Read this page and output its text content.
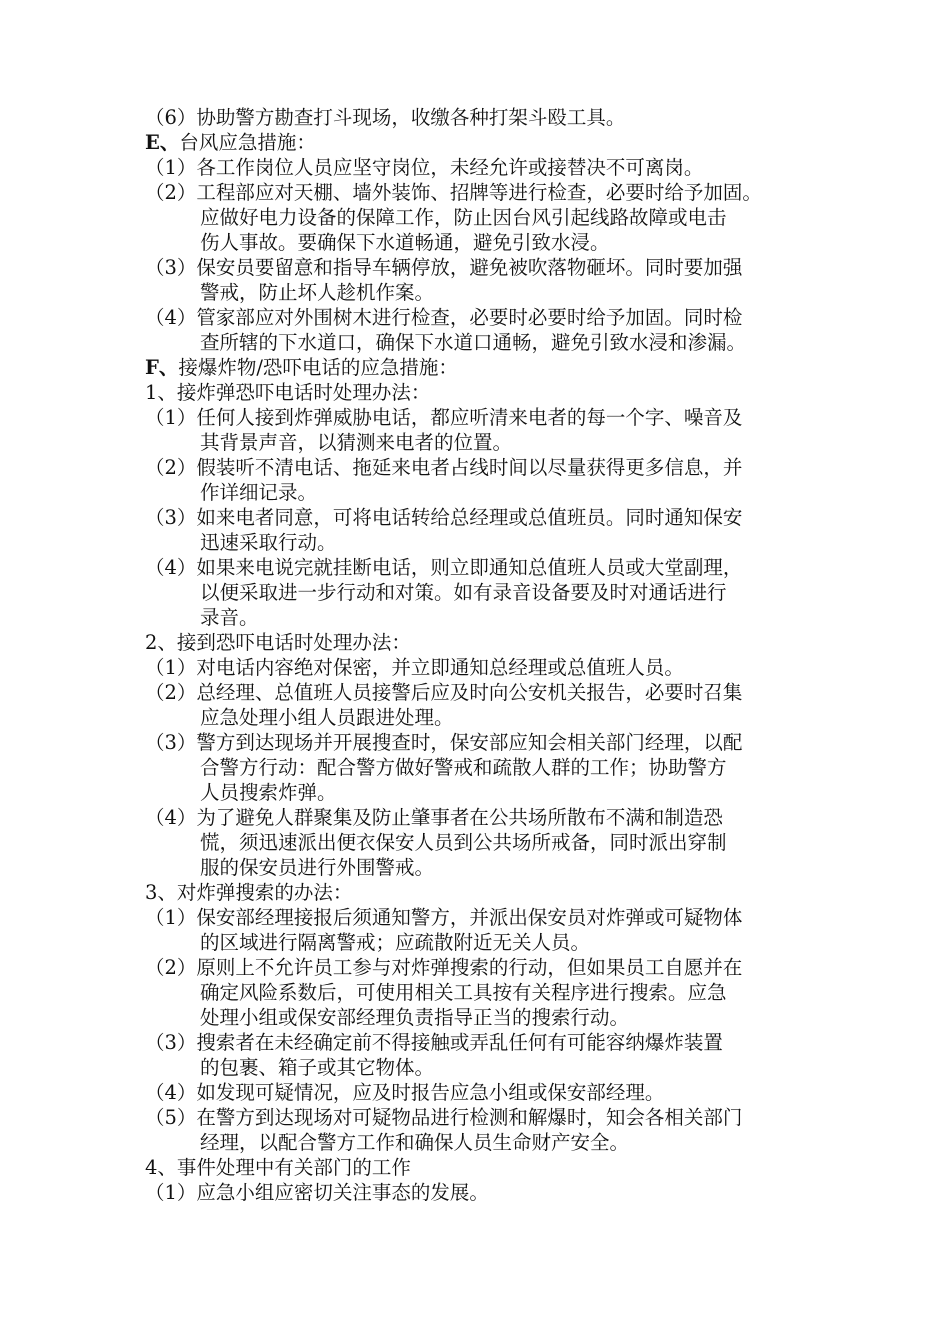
（6）协助警方勘查打斗现场，收缴各种打架斗殴工具。
E、台风应急措施：
（1）各工作岗位人员应坚守岗位，未经允许或接替决不可离岗。
（2）工程部应对天棚、墙外装饰、招牌等进行检查，必要时给予加固。
应做好电力设备的保障工作，防止因台风引起线路故障或电击
伤人事故。要确保下水道畅通，避免引致水浸。
（3）保安员要留意和指导车辆停放，避免被吹落物砸坏。同时要加强
警戒，防止坏人趁机作案。
（4）管家部应对外围树木进行检查，必要时必要时给予加固。同时检
查所辖的下水道口，确保下水道口通畅，避免引致水浸和渗漏。
F、接爆炸物/恐吓电话的应急措施：
1、接炸弹恐吓电话时处理办法：
（1）任何人接到炸弹威胁电话，都应听清来电者的每一个字、噪音及
其背景声音，以猜测来电者的位置。
（2）假装听不清电话、拖延来电者占线时间以尽量获得更多信息，并
作详细记录。
（3）如来电者同意，可将电话转给总经理或总值班员。同时通知保安
迅速采取行动。
（4）如果来电说完就挂断电话，则立即通知总值班人员或大堂副理，
以便采取进一步行动和对策。如有录音设备要及时对通话进行
录音。
2、接到恐吓电话时处理办法：
（1）对电话内容绝对保密，并立即通知总经理或总值班人员。
（2）总经理、总值班人员接警后应及时向公安机关报告，必要时召集
应急处理小组人员跟进处理。
（3）警方到达现场并开展搜查时，保安部应知会相关部门经理，以配
合警方行动：配合警方做好警戒和疏散人群的工作；协助警方
人员搜索炸弹。
（4）为了避免人群聚集及防止肇事者在公共场所散布不满和制造恐
慌，须迅速派出便衣保安人员到公共场所戒备，同时派出穿制
服的保安员进行外围警戒。
3、对炸弹搜索的办法：
（1）保安部经理接报后须通知警方，并派出保安员对炸弹或可疑物体
的区域进行隔离警戒；应疏散附近无关人员。
（2）原则上不允许员工参与对炸弹搜索的行动，但如果员工自愿并在
确定风险系数后，可使用相关工具按有关程序进行搜索。应急
处理小组或保安部经理负责指导正当的搜索行动。
（3）搜索者在未经确定前不得接触或弄乱任何有可能容纳爆炸装置
的包裹、箱子或其它物体。
（4）如发现可疑情况，应及时报告应急小组或保安部经理。
（5）在警方到达现场对可疑物品进行检测和解爆时，知会各相关部门
经理，以配合警方工作和确保人员生命财产安全。
4、事件处理中有关部门的工作
（1）应急小组应密切关注事态的发展。
